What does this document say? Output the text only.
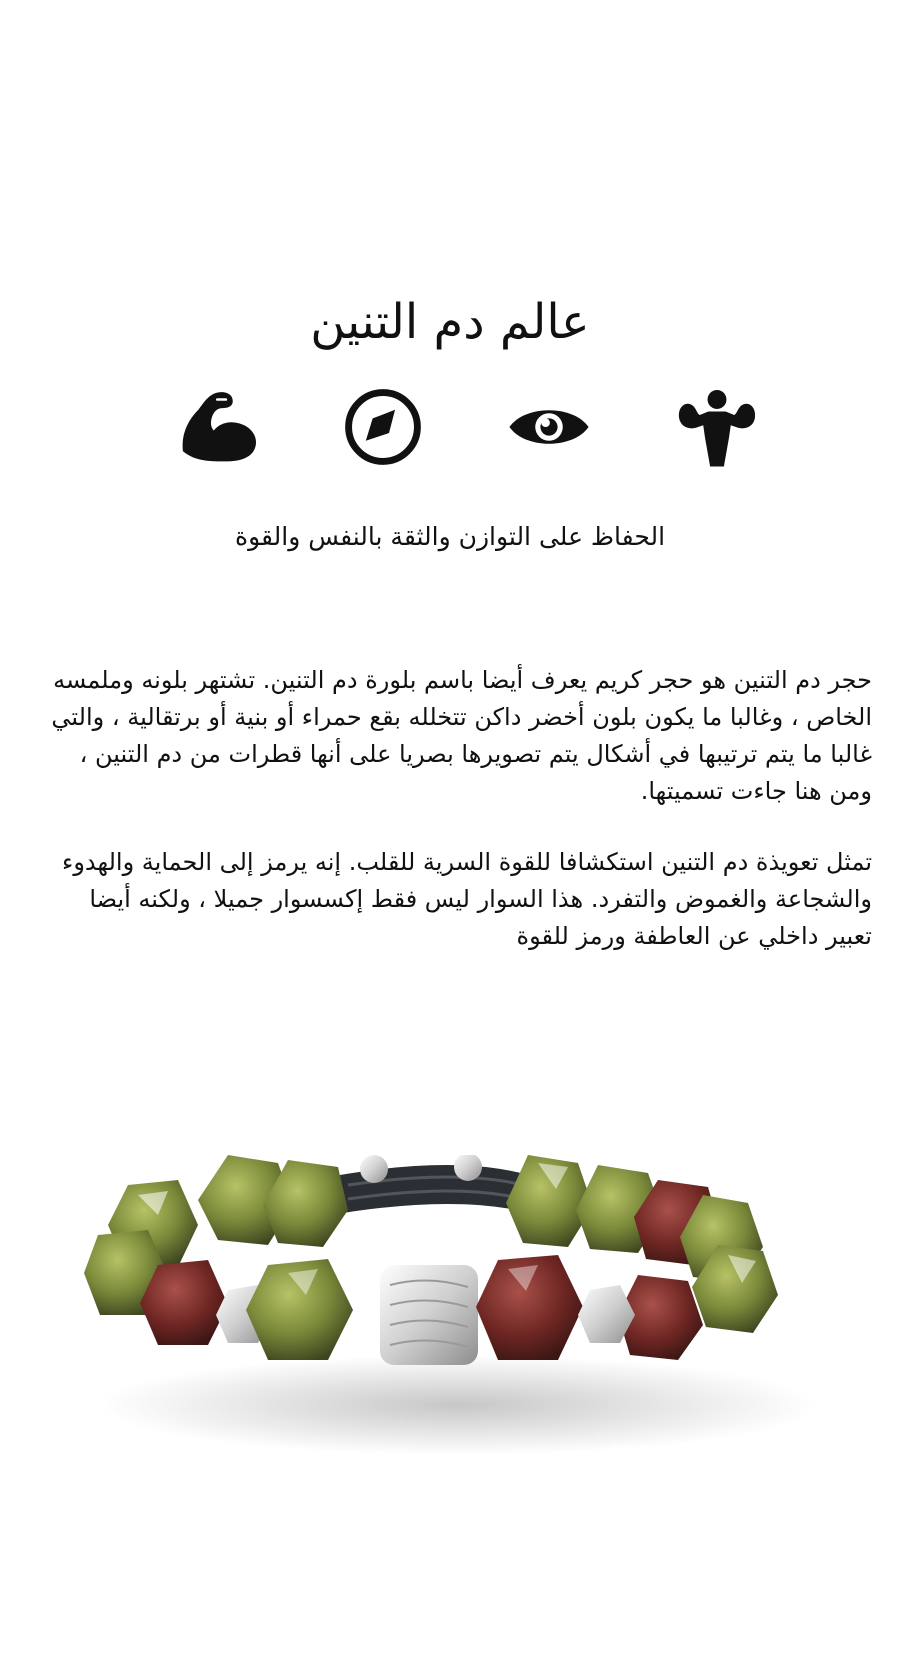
عالم دم التنين

الحفاظ على التوازن والثقة بالنفس والقوة

حجر دم التنين هو حجر كريم يعرف أيضا باسم بلورة دم التنين. تشتهر بلونه وملمسه الخاص ، وغالبا ما يكون بلون أخضر داكن تتخلله بقع حمراء أو بنية أو برتقالية ، والتي غالبا ما يتم ترتيبها في أشكال يتم تصويرها بصريا على أنها قطرات من دم التنين ، ومن هنا جاءت تسميتها.

تمثل تعويذة دم التنين استكشافا للقوة السرية للقلب. إنه يرمز إلى الحماية والهدوء والشجاعة والغموض والتفرد. هذا السوار ليس فقط إكسسوار جميلا ، ولكنه أيضا تعبير داخلي عن العاطفة ورمز للقوة
